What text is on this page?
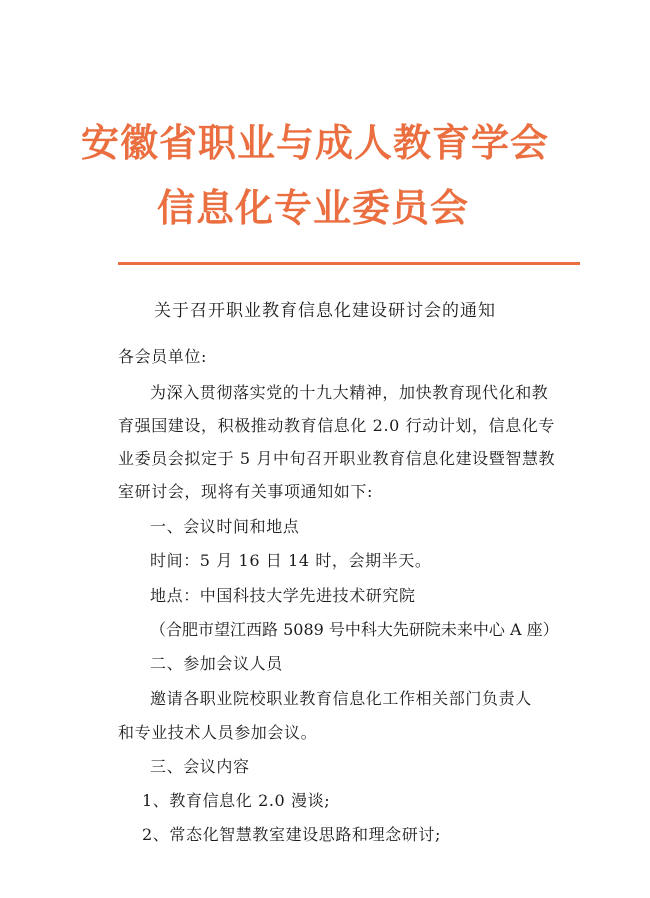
安徽省职业与成人教育学会
信息化专业委员会
关于召开职业教育信息化建设研讨会的通知
各会员单位:
为深入贯彻落实党的十九大精神，加快教育现代化和教
育强国建设，积极推动教育信息化 2.0 行动计划，信息化专
业委员会拟定于 5 月中旬召开职业教育信息化建设暨智慧教
室研讨会，现将有关事项通知如下:
一、会议时间和地点
时间：5 月 16 日 14 时，会期半天。
地点：中国科技大学先进技术研究院
（合肥市望江西路 5089 号中科大先研院未来中心 A 座）
二、参加会议人员
邀请各职业院校职业教育信息化工作相关部门负责人
和专业技术人员参加会议。
三、会议内容
1、教育信息化 2.0 漫谈;
2、常态化智慧教室建设思路和理念研讨;
